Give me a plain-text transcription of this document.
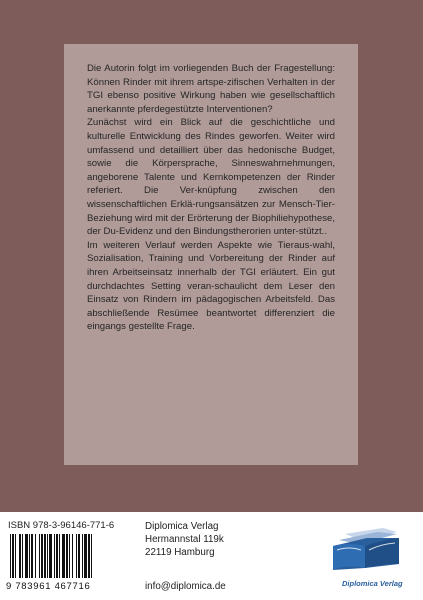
Die Autorin folgt im vorliegenden Buch der Fragestellung: Können Rinder mit ihrem artspe-zifischen Verhalten in der TGI ebenso positive Wirkung haben wie gesellschaftlich anerkannte pferdegestützte Interventionen?

Zunächst wird ein Blick auf die geschichtliche und kulturelle Entwicklung des Rindes geworfen. Weiter wird umfassend und detailliert über das hedonische Budget, sowie die Körpersprache, Sinneswahrnehmungen, angeborene Talente und Kernkompetenzen der Rinder referiert. Die Ver-knüpfung zwischen den wissenschaftlichen Erklä-rungsansätzen zur Mensch-Tier-Beziehung wird mit der Erörterung der Biophiliehypothese, der Du-Evidenz und den Bindungstherorien unter-stützt..

Im weiteren Verlauf werden Aspekte wie Tieraus-wahl, Sozialisation, Training und Vorbereitung der Rinder auf ihren Arbeitseinsatz innerhalb der TGI erläutert. Ein gut durchdachtes Setting veran-schaulicht dem Leser den Einsatz von Rindern im pädagogischen Arbeitsfeld. Das abschließende Resümee beantwortet differenziert die eingangs gestellte Frage.

ISBN 978-3-96146-771-6
9 783961 467716
Diplomica Verlag
Hermannstal 119k
22119 Hamburg
info@diplomica.de	Diplomica Verlag
